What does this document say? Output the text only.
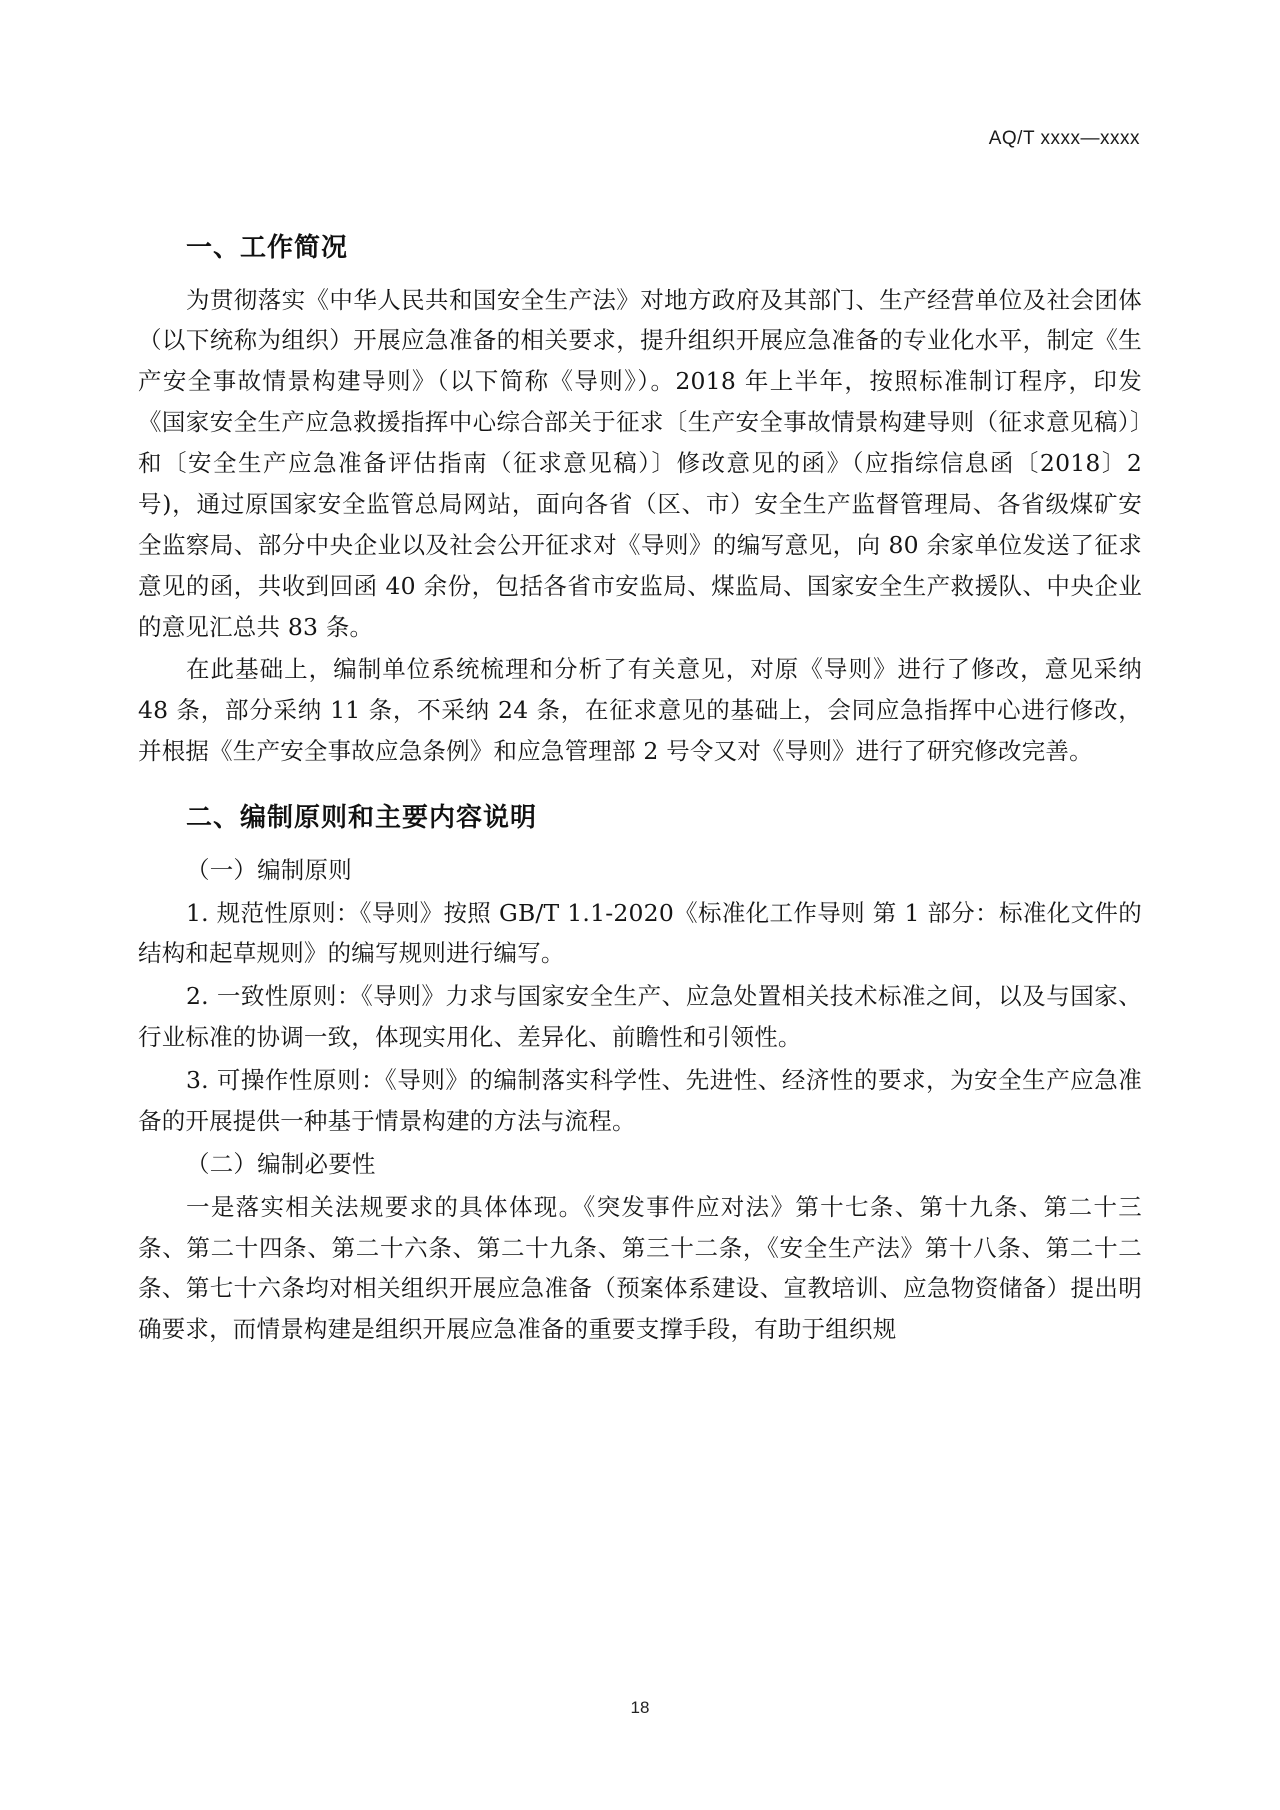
AQ/T xxxx—xxxx
一、工作简况

为贯彻落实《中华人民共和国安全生产法》对地方政府及其部门、生产经营单位及社会团体（以下统称为组织）开展应急准备的相关要求，提升组织开展应急准备的专业化水平，制定《生产安全事故情景构建导则》（以下简称《导则》）。2018 年上半年，按照标准制订程序，印发《国家安全生产应急救援指挥中心综合部关于征求〔生产安全事故情景构建导则（征求意见稿）〕和〔安全生产应急准备评估指南（征求意见稿）〕修改意见的函》（应指综信息函〔2018〕2 号)，通过原国家安全监管总局网站，面向各省（区、市）安全生产监督管理局、各省级煤矿安全监察局、部分中央企业以及社会公开征求对《导则》的编写意见，向 80 余家单位发送了征求意见的函，共收到回函 40 余份，包括各省市安监局、煤监局、国家安全生产救援队、中央企业的意见汇总共 83 条。

在此基础上，编制单位系统梳理和分析了有关意见，对原《导则》进行了修改，意见采纳 48 条，部分采纳 11 条，不采纳 24 条，在征求意见的基础上，会同应急指挥中心进行修改，并根据《生产安全事故应急条例》和应急管理部 2 号令又对《导则》进行了研究修改完善。

二、编制原则和主要内容说明

（一）编制原则

1. 规范性原则：《导则》按照 GB/T 1.1-2020《标准化工作导则 第 1 部分：标准化文件的结构和起草规则》的编写规则进行编写。

2. 一致性原则：《导则》力求与国家安全生产、应急处置相关技术标准之间，以及与国家、行业标准的协调一致，体现实用化、差异化、前瞻性和引领性。

3. 可操作性原则：《导则》的编制落实科学性、先进性、经济性的要求，为安全生产应急准备的开展提供一种基于情景构建的方法与流程。

（二）编制必要性

一是落实相关法规要求的具体体现。《突发事件应对法》第十七条、第十九条、第二十三条、第二十四条、第二十六条、第二十九条、第三十二条，《安全生产法》第十八条、第二十二条、第七十六条均对相关组织开展应急准备（预案体系建设、宣教培训、应急物资储备）提出明确要求，而情景构建是组织开展应急准备的重要支撑手段，有助于组织规

18
